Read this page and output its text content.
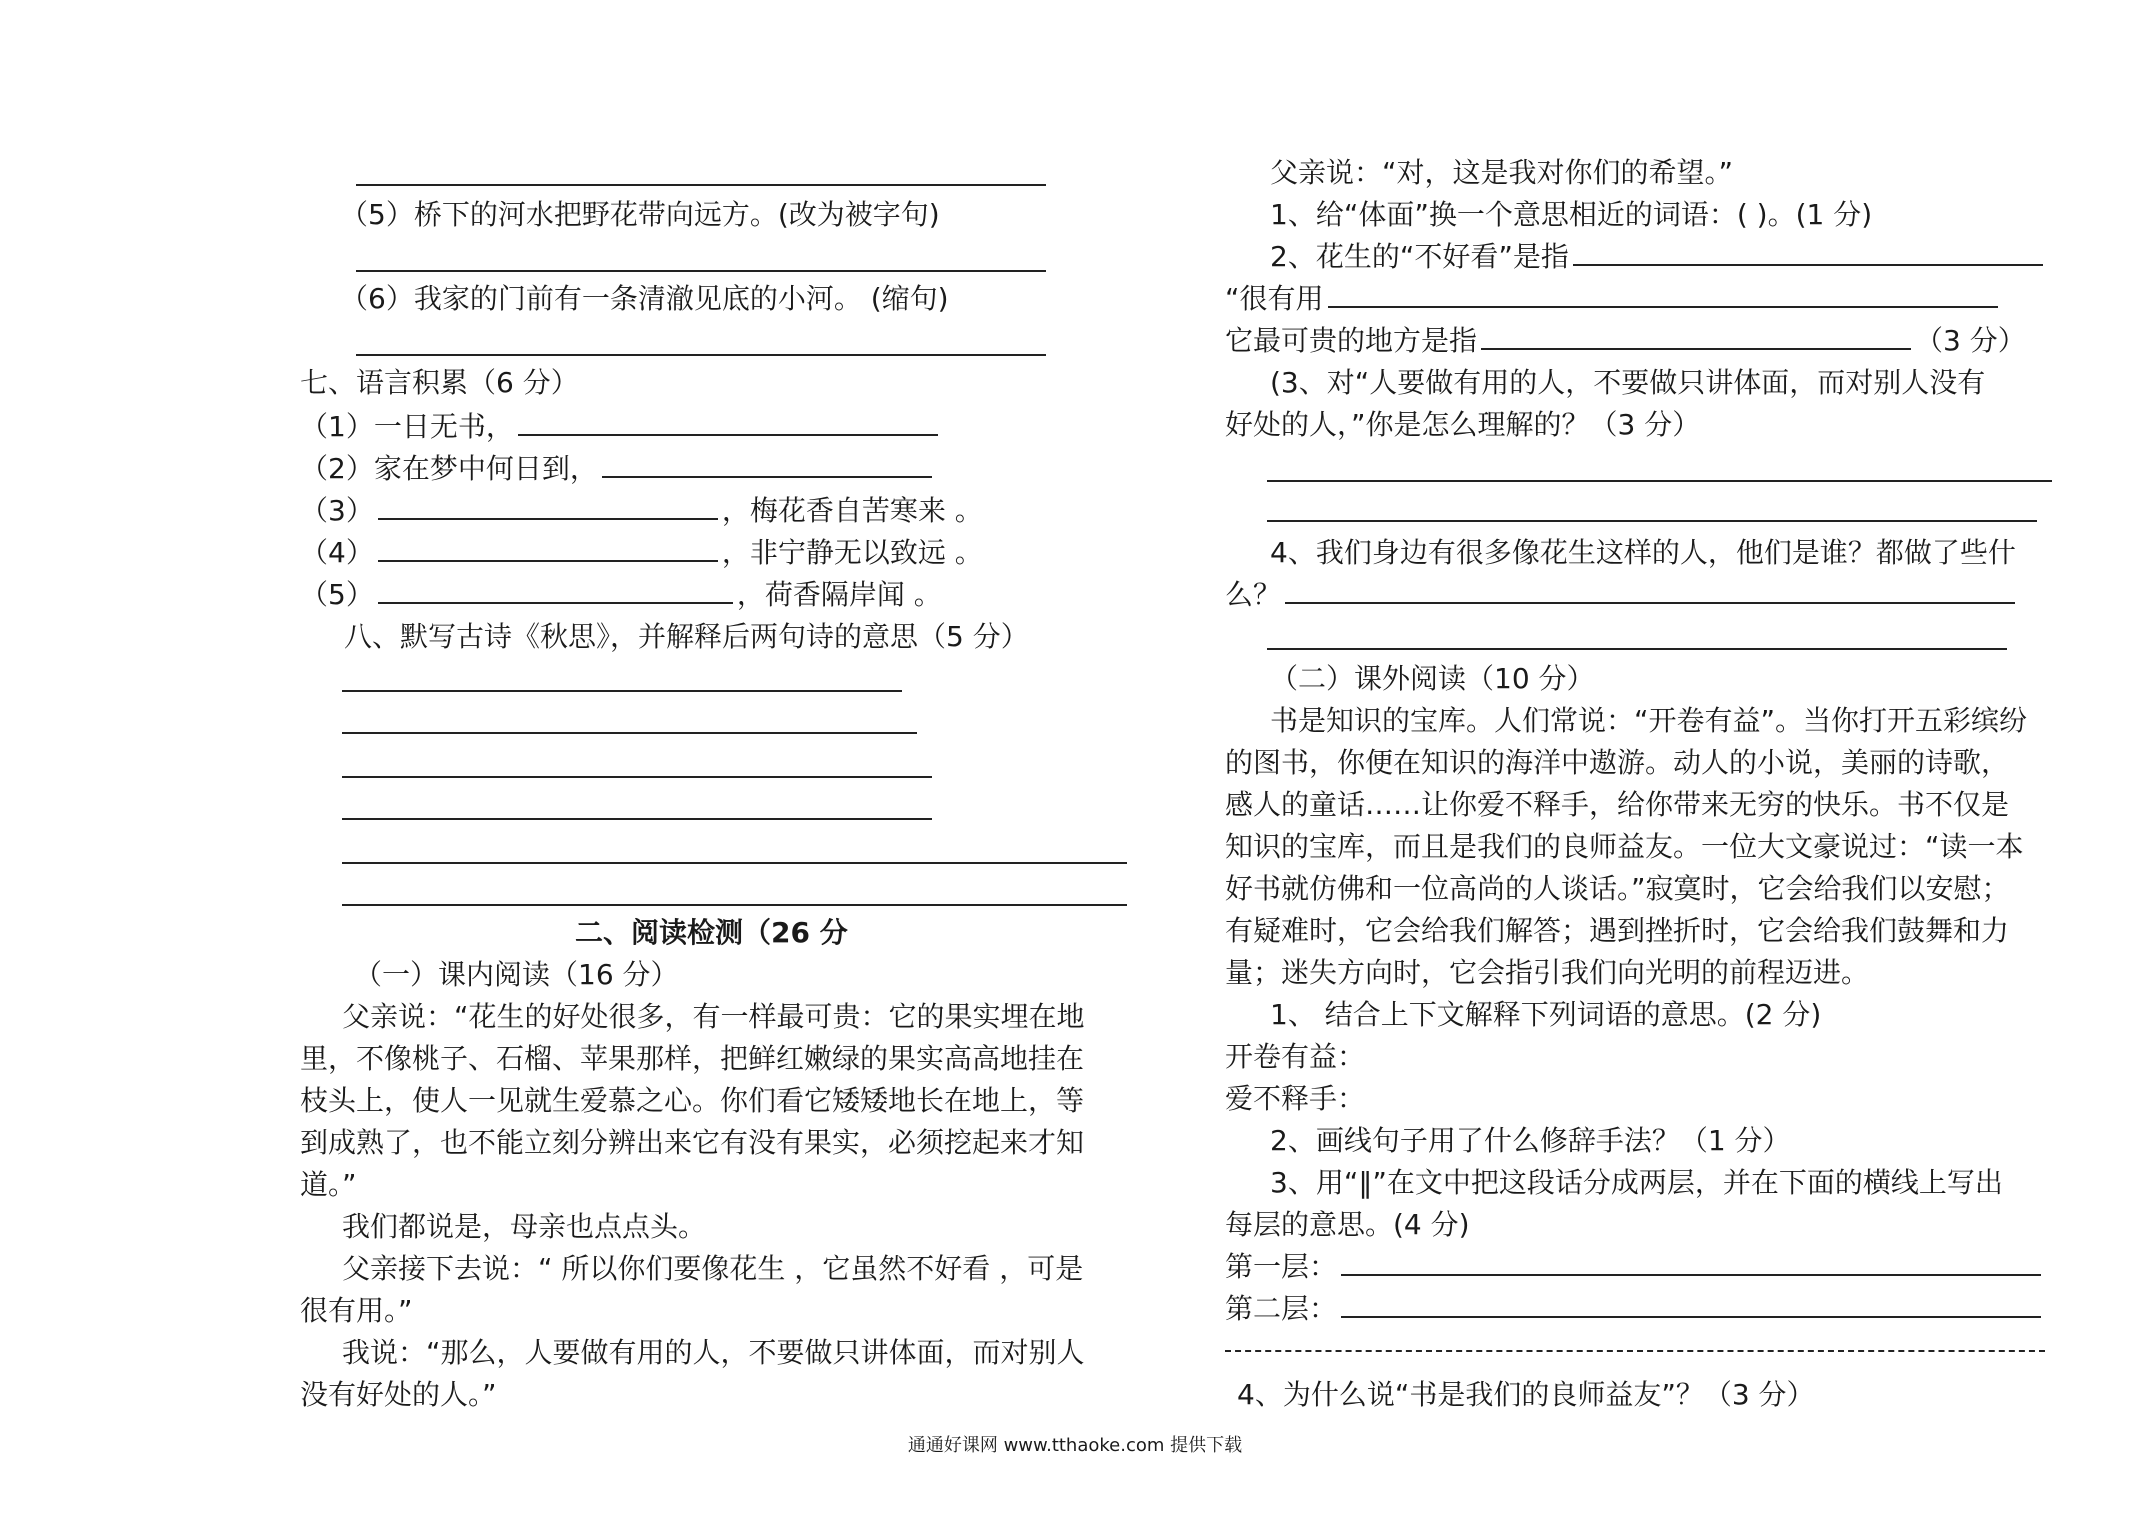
（5）桥下的河水把野花带向远方。(改为被字句)
（6）我家的门前有一条清澈见底的小河。 (缩句)
七、语言积累（6 分）
（1）一日无书，
（2）家在梦中何日到，
（3）	，梅花香自苦寒来 。
（4）	，非宁静无以致远 。
（5）	，荷香隔岸闻 。
八、默写古诗《秋思》，并解释后两句诗的意思（5 分）
二、阅读检测（26 分
（一）课内阅读（16 分）
父亲说：“花生的好处很多，有一样最可贵：它的果实埋在地
里，不像桃子、石榴、苹果那样，把鲜红嫩绿的果实高高地挂在
枝头上，使人一见就生爱慕之心。你们看它矮矮地长在地上，等
到成熟了，也不能立刻分辨出来它有没有果实，必须挖起来才知
道。”
我们都说是，母亲也点点头。
父亲接下去说：“ 所以你们要像花生 ，它虽然不好看 ，可是
很有用。”
我说：“那么，人要做有用的人，不要做只讲体面，而对别人
没有好处的人。”
父亲说：“对，这是我对你们的希望。”
1、给“体面”换一个意思相近的词语：( )。(1 分)
2、花生的“不好看”是指
“很有用
它最可贵的地方是指	（3 分）
(3、对“人要做有用的人，不要做只讲体面，而对别人没有
好处的人，”你是怎么理解的？（3 分）
4、我们身边有很多像花生这样的人，他们是谁？都做了些什
么？
（二）课外阅读（10 分）
书是知识的宝库。人们常说：“开卷有益”。当你打开五彩缤纷
的图书，你便在知识的海洋中遨游。动人的小说，美丽的诗歌，
感人的童话……让你爱不释手，给你带来无穷的快乐。书不仅是
知识的宝库，而且是我们的良师益友。一位大文豪说过：“读一本
好书就仿佛和一位高尚的人谈话。”寂寞时，它会给我们以安慰；
有疑难时，它会给我们解答；遇到挫折时，它会给我们鼓舞和力
量；迷失方向时，它会指引我们向光明的前程迈进。
1、 结合上下文解释下列词语的意思。(2 分)
开卷有益：
爱不释手：
2、画线句子用了什么修辞手法？（1 分）
3、用“‖”在文中把这段话分成两层，并在下面的横线上写出
每层的意思。(4 分)
第一层：
第二层：
4、为什么说“书是我们的良师益友”？（3 分）
通通好课网 www.tthaoke.com 提供下载
